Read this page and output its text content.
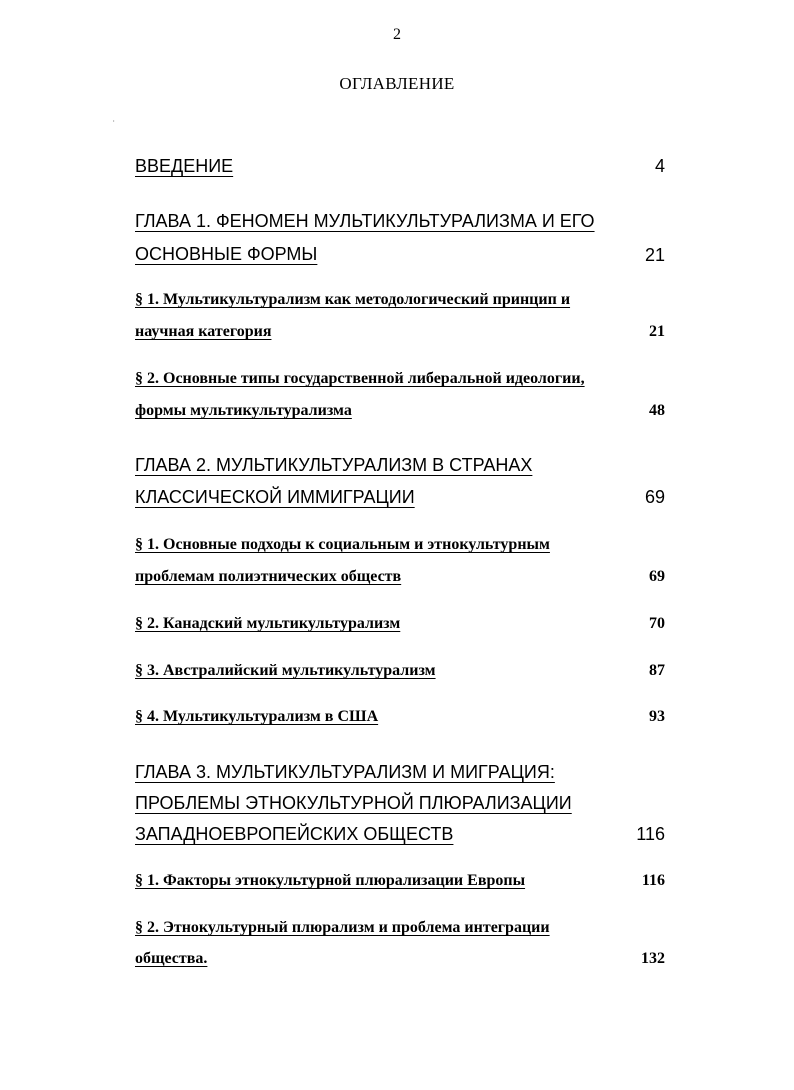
2
ОГЛАВЛЕНИЕ
ВВЕДЕНИЕ	4
ГЛАВА 1. ФЕНОМЕН МУЛЬТИКУЛЬТУРАЛИЗМА И ЕГО
ОСНОВНЫЕ ФОРМЫ	21
§ 1. Мультикультурализм как методологический принцип и
научная категория	21
§ 2. Основные типы государственной либеральной идеологии,
формы мультикультурализма	48
ГЛАВА 2. МУЛЬТИКУЛЬТУРАЛИЗМ В СТРАНАХ
КЛАССИЧЕСКОЙ ИММИГРАЦИИ	69
§ 1. Основные подходы к социальным и этнокультурным
проблемам полиэтнических обществ	69
§ 2. Канадский мультикультурализм	70
§ 3. Австралийский мультикультурализм	87
§ 4. Мультикультурализм в США	93
ГЛАВА 3. МУЛЬТИКУЛЬТУРАЛИЗМ И МИГРАЦИЯ:
ПРОБЛЕМЫ ЭТНОКУЛЬТУРНОЙ ПЛЮРАЛИЗАЦИИ
ЗАПАДНОЕВРОПЕЙСКИХ ОБЩЕСТВ	116
§ 1. Факторы этнокультурной плюрализации Европы	116
§ 2. Этнокультурный плюрализм и проблема интеграции
общества.	132
